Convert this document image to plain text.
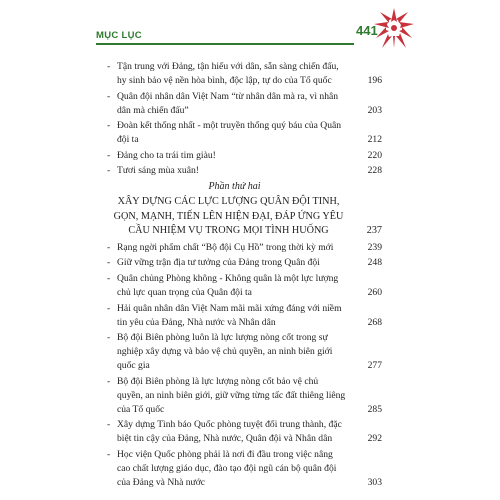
MỤC LỤC	441
- Tận trung với Đảng, tận hiếu với dân, sẵn sàng chiến đấu, hy sinh bảo vệ nền hòa bình, độc lập, tự do của Tổ quốc	196
- Quân đội nhân dân Việt Nam “từ nhân dân mà ra, vì nhân dân mà chiến đấu”	203
- Đoàn kết thống nhất - một truyền thống quý báu của Quân đội ta	212
- Đảng cho ta trái tim giàu!	220
- Tươi sáng mùa xuân!	228
Phần thứ hai
XÂY DỰNG CÁC LỰC LƯỢNG QUÂN ĐỘI TINH, GỌN, MẠNH, TIẾN LÊN HIỆN ĐẠI, ĐÁP ỨNG YÊU CẦU NHIỆM VỤ TRONG MỌI TÌNH HUỐNG	237
- Rạng ngời phẩm chất “Bộ đội Cụ Hồ” trong thời kỳ mới	239
- Giữ vững trận địa tư tưởng của Đảng trong Quân đội	248
- Quân chủng Phòng không - Không quân là một lực lượng chủ lực quan trọng của Quân đội ta	260
- Hải quân nhân dân Việt Nam mãi mãi xứng đáng với niềm tin yêu của Đảng, Nhà nước và Nhân dân	268
- Bộ đội Biên phòng luôn là lực lượng nòng cốt trong sự nghiệp xây dựng và bảo vệ chủ quyền, an ninh biên giới quốc gia	277
- Bộ đội Biên phòng là lực lượng nòng cốt bảo vệ chủ quyền, an ninh biên giới, giữ vững từng tấc đất thiêng liêng của Tổ quốc	285
- Xây dựng Tình báo Quốc phòng tuyệt đối trung thành, đặc biệt tin cậy của Đảng, Nhà nước, Quân đội và Nhân dân	292
- Học viện Quốc phòng phải là nơi đi đầu trong việc nâng cao chất lượng giáo dục, đào tạo đội ngũ cán bộ quân đội của Đảng và Nhà nước	303
